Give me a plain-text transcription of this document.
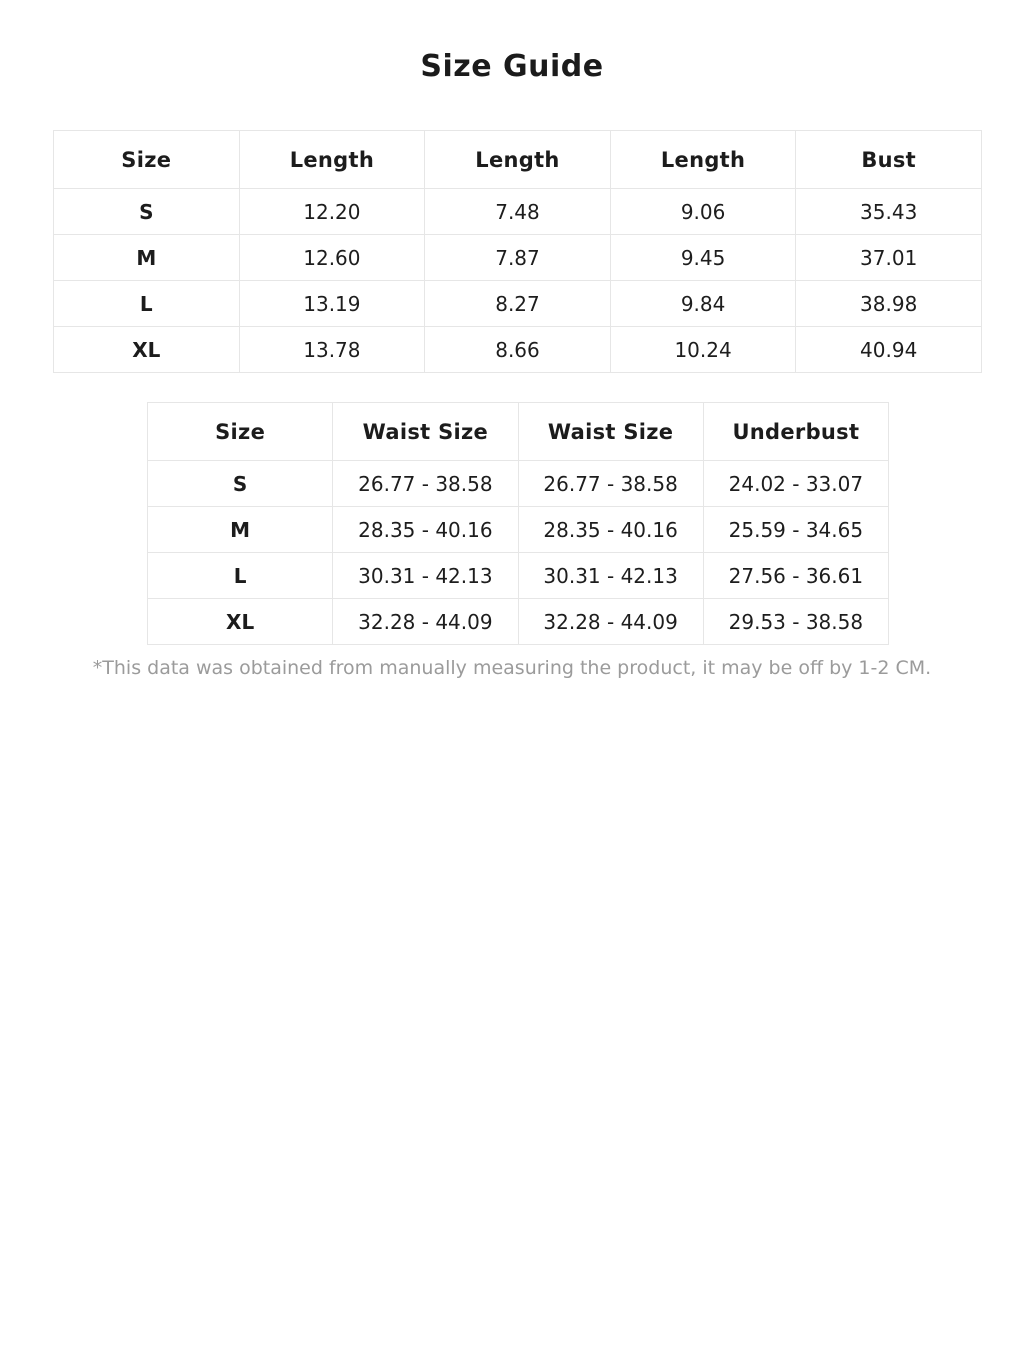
Size Guide
Size	Length	Length	Length	Bust
S	12.20	7.48	9.06	35.43
M	12.60	7.87	9.45	37.01
L	13.19	8.27	9.84	38.98
XL	13.78	8.66	10.24	40.94
Size	Waist Size	Waist Size	Underbust
S	26.77 - 38.58	26.77 - 38.58	24.02 - 33.07
M	28.35 - 40.16	28.35 - 40.16	25.59 - 34.65
L	30.31 - 42.13	30.31 - 42.13	27.56 - 36.61
XL	32.28 - 44.09	32.28 - 44.09	29.53 - 38.58

*This data was obtained from manually measuring the product, it may be off by 1-2 CM.
